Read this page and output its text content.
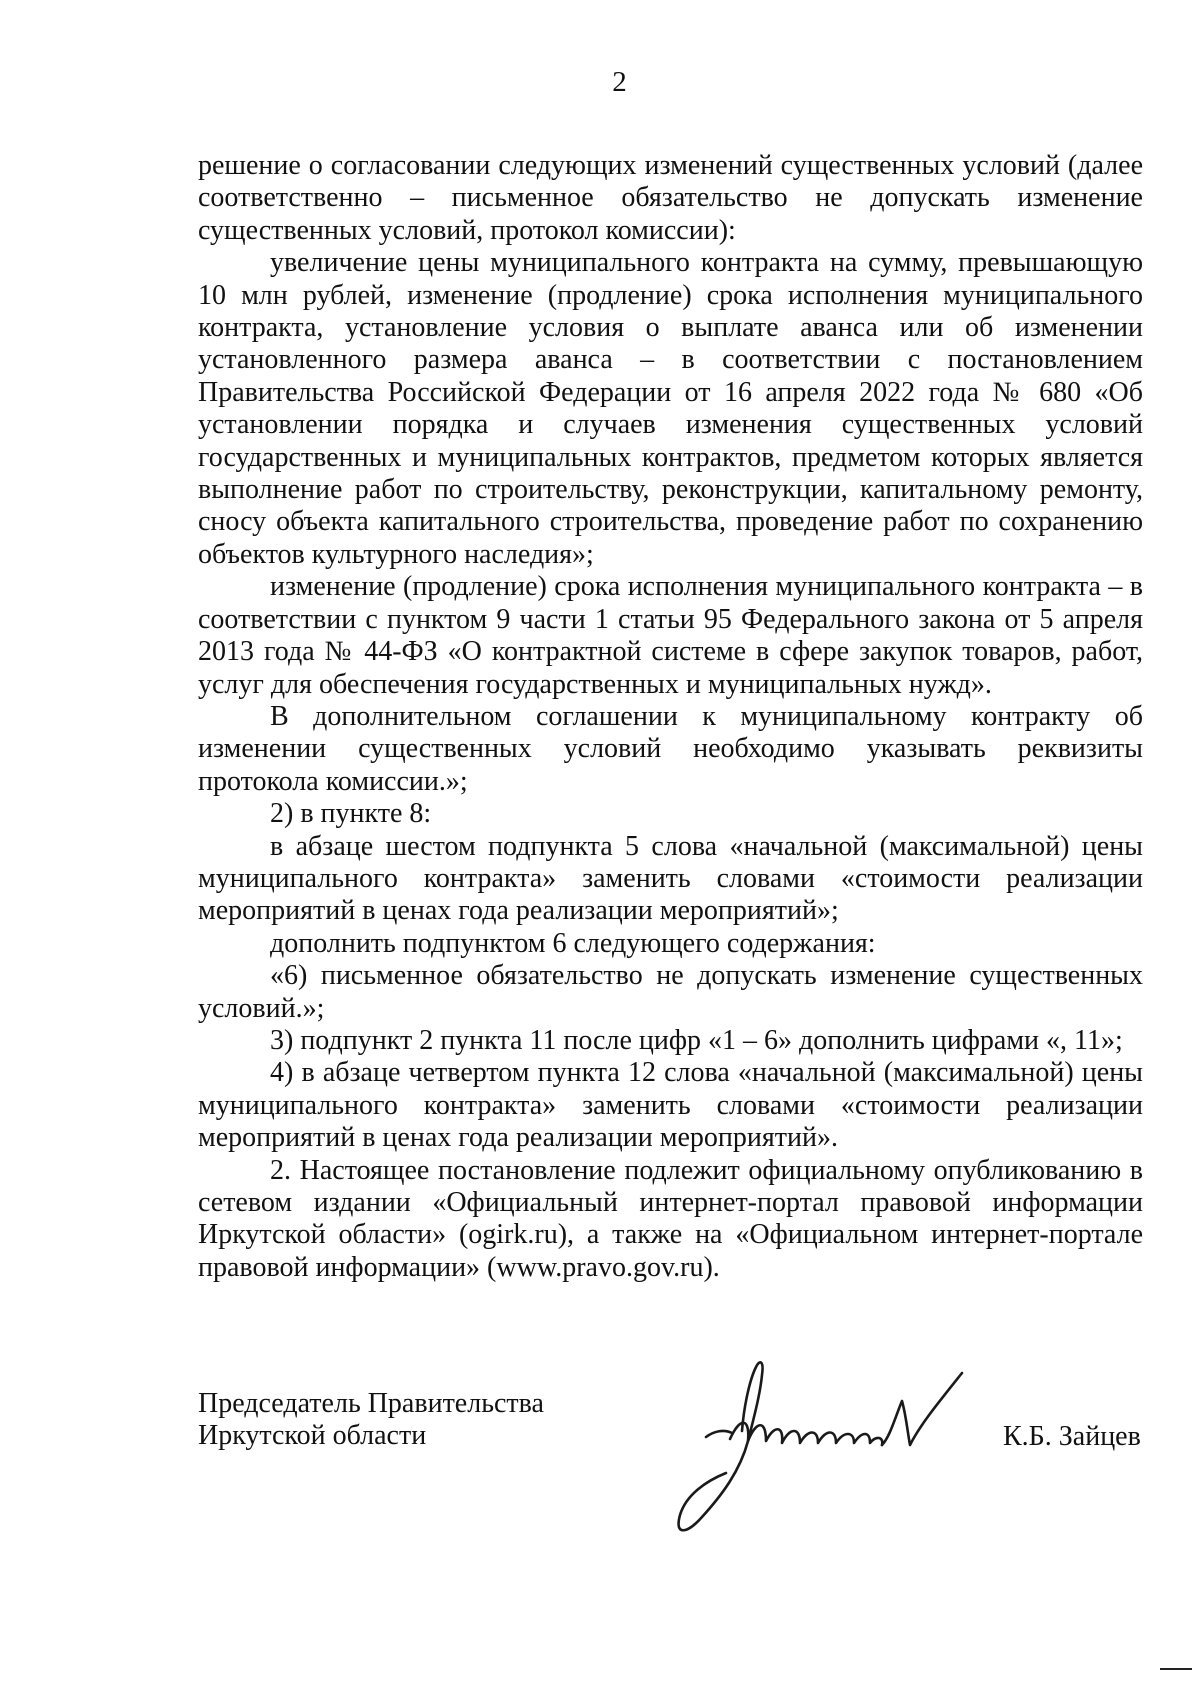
2

решение о согласовании следующих изменений существенных условий (далее соответственно – письменное обязательство не допускать изменение существенных условий, протокол комиссии):

увеличение цены муниципального контракта на сумму, превышающую 10 млн рублей, изменение (продление) срока исполнения муниципального контракта, установление условия о выплате аванса или об изменении установленного размера аванса – в соответствии с постановлением Правительства Российской Федерации от 16 апреля 2022 года № 680 «Об установлении порядка и случаев изменения существенных условий государственных и муниципальных контрактов, предметом которых является выполнение работ по строительству, реконструкции, капитальному ремонту, сносу объекта капитального строительства, проведение работ по сохранению объектов культурного наследия»;

изменение (продление) срока исполнения муниципального контракта – в соответствии с пунктом 9 части 1 статьи 95 Федерального закона от 5 апреля 2013 года № 44-ФЗ «О контрактной системе в сфере закупок товаров, работ, услуг для обеспечения государственных и муниципальных нужд».

В дополнительном соглашении к муниципальному контракту об изменении существенных условий необходимо указывать реквизиты протокола комиссии.»;

2) в пункте 8:

в абзаце шестом подпункта 5 слова «начальной (максимальной) цены муниципального контракта» заменить словами «стоимости реализации мероприятий в ценах года реализации мероприятий»;

дополнить подпунктом 6 следующего содержания:

«6) письменное обязательство не допускать изменение существенных условий.»;

3) подпункт 2 пункта 11 после цифр «1 – 6» дополнить цифрами «, 11»;

4) в абзаце четвертом пункта 12 слова «начальной (максимальной) цены муниципального контракта» заменить словами «стоимости реализации мероприятий в ценах года реализации мероприятий».

2. Настоящее постановление подлежит официальному опубликованию в сетевом издании «Официальный интернет-портал правовой информации Иркутской области» (ogirk.ru), а также на «Официальном интернет-портале правовой информации» (www.pravo.gov.ru).

Председатель Правительства
Иркутской области	К.Б. Зайцев
